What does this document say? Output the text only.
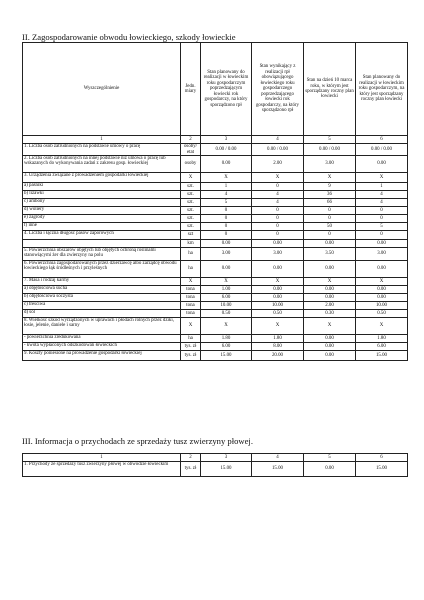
II. Zagospodarowanie obwodu łowieckiego, szkody łowieckie
Wyszczególnienie	Jedn. miary	Stan planowany do realizacji w łowieckim roku gospodarczym poprzedzającym łowiecki rok gospodarczy, na który sporządzono rpł	Stan wynikający z realizacji rpł obowiązującego łowieckiego roku gospodarczego poprzedzającego łowiecki rok gospodarczy, na który sporządzono rpł	Stan na dzień 10 marca roku, w którym jest sporządzany roczny plan łowiecki	Stan planowany do realizacji w łowieckim roku gospodarczym, na który jest sporządzany roczny plan łowiecki
1	2	3	4	5	6
1. Liczba osób zatrudnionych na podstawie umowy o pracę	osoby/ etat	0.00 / 0.00	0.00 / 0.00	0.00 / 0.00	0.00 / 0.00
2. Liczba osób zatrudnionych na innej podstawie niż umowa o pracę lub wskazanych do wykonywania zadań z zakresu gosp. łowieckiej	osoby	0.00	2.00	3.00	0.00
3. Urządzenia związane z prowadzeniem gospodarki łowieckiej	X	X	X	X	X
a) paśniki	szt.	1	0	9	1
b) lizawki	szt.	4	4	36	4
c) ambony	szt.	5	4	66	4
d) woliery	szt.	0	0	0	0
e) zagrody	szt.	0	0	0	0
f) inne	szt.	0	0	50	5
4. Liczba i łączna długość pasów zaporowych	szt	0	0	0	0
	km	0.00	0.00	0.00	0.00
5. Powierzchnia obszarów objętych lub objętych ochroną roślinami stanowiącymi żer dla zwierzyny na polu	ha	3.00	3.00	3.50	3.00
6. Powierzchnia zagospodarowanych przez dzierżawcę albo zarządcę obwodu łowieckiego łąk śródleśnych i przyleśnych	ha	0.00	0.00	0.00	0.00
7. Masa i rodzaj karmy	X	X	X	X	X
a) objętościowa sucha	tona	1.00	0.00	0.00	0.00
b) objętościowa soczysta	tona	6.00	0.00	0.00	0.00
c) treściwa	tona	10.00	10.00	2.00	10.00
d) sól	tona	0.50	0.50	0.30	0.50
8. Wielkość szkód wyrządzonych w uprawach i płodach rolnych przez dziki, łosie, jelenie, daniele i sarny	X	X	X	X	X
- powierzchnia zredukowana	ha	1.80	1.80	0.00	1.80
- kwota wypłaconych odszkodowań łowieckich	tys. zł	6.00	8.00	0.00	6.00
9. Koszty poniesione na prowadzenie gospodarki łowieckiej	tys. zł	15.00	20.00	0.00	15.00
III. Informacja o przychodach ze sprzedaży tusz zwierzyny płowej.
1	2	3	4	5	6
1. Przychody ze sprzedaży tusz zwierzyny płowej w obwodzie łowieckim	tys. zł	15.00	15.00	0.00	15.00
